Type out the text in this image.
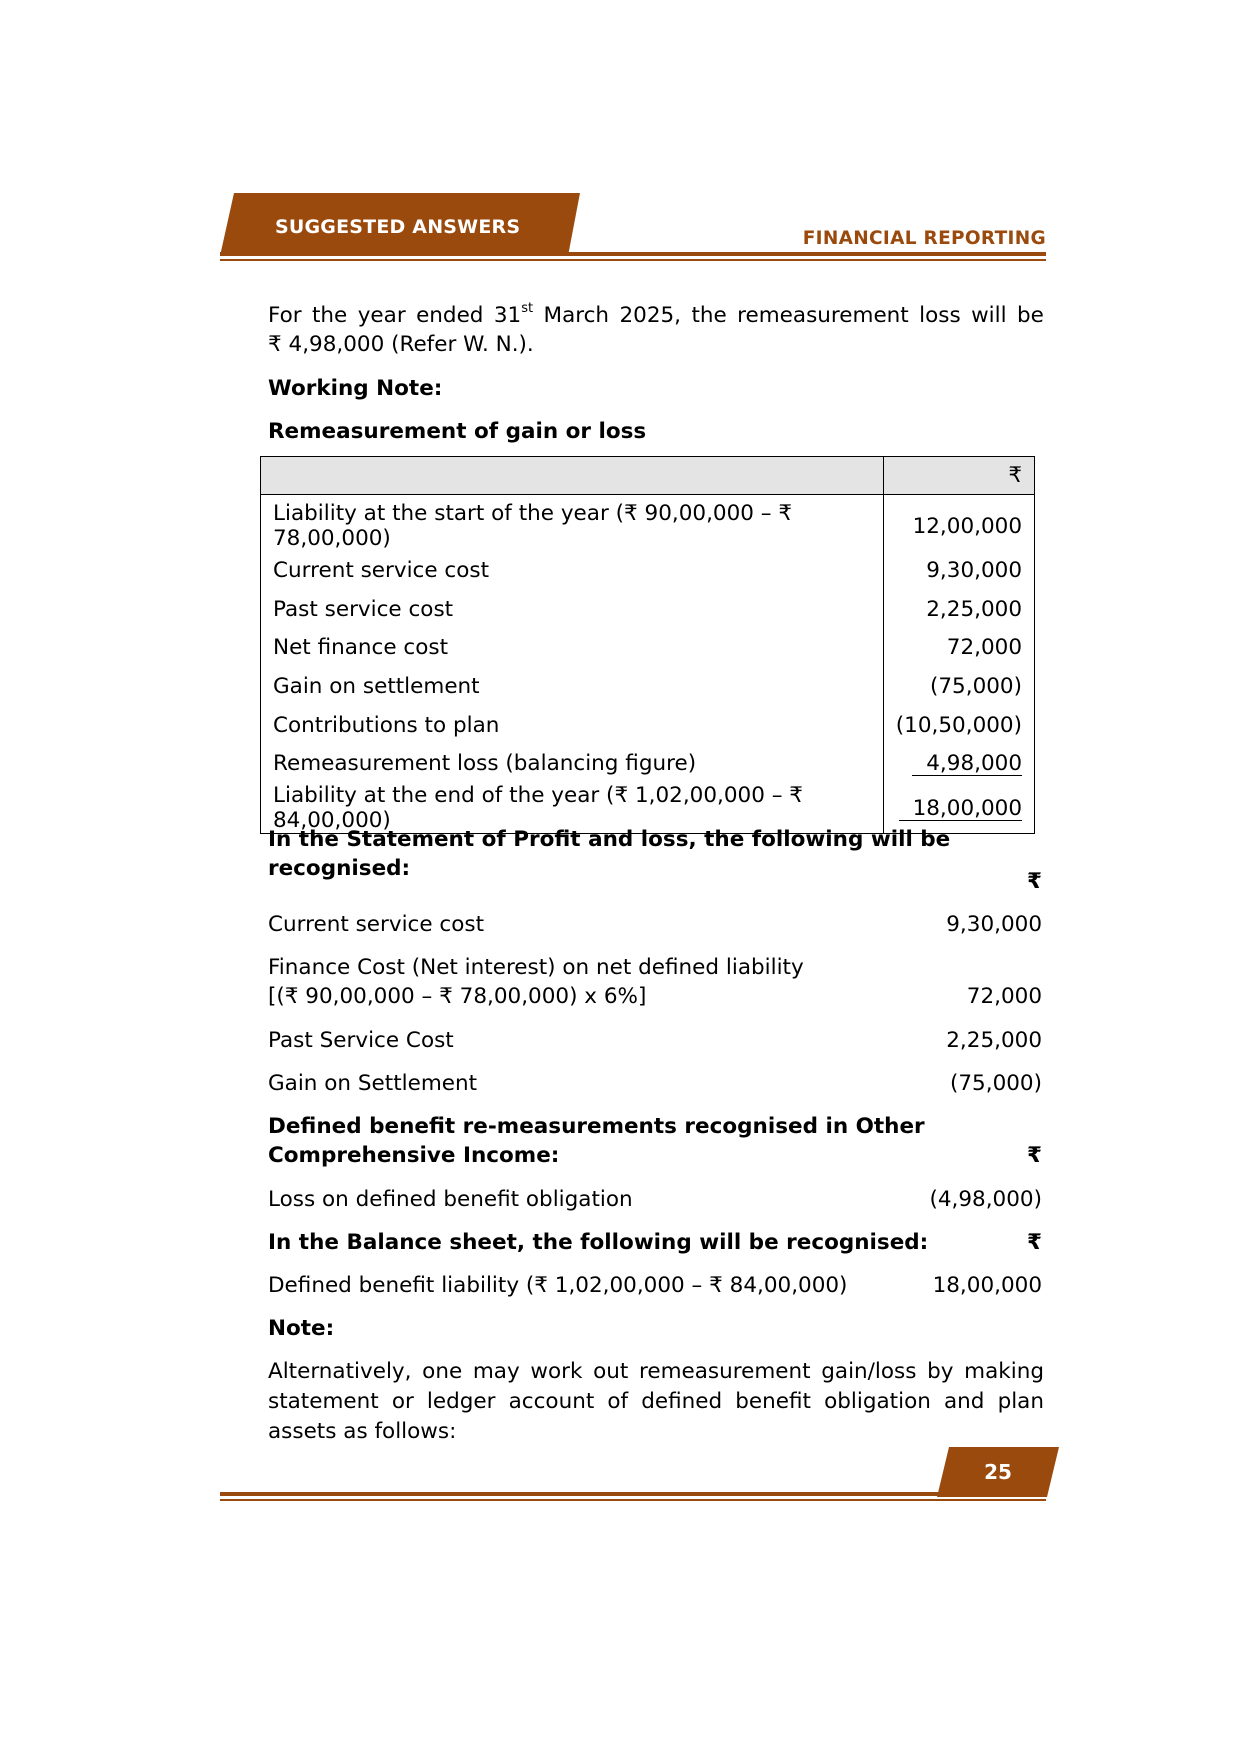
SUGGESTED ANSWERS
FINANCIAL REPORTING
For the year ended 31st March 2025, the remeasurement loss will be
₹ 4,98,000 (Refer W. N.).
Working Note:
Remeasurement of gain or loss
	₹
Liability at the start of the year (₹ 90,00,000 – ₹ 78,00,000)	12,00,000
Current service cost	9,30,000
Past service cost	2,25,000
Net finance cost	72,000
Gain on settlement	(75,000)
Contributions to plan	(10,50,000)
Remeasurement loss (balancing figure)	4,98,000
Liability at the end of the year (₹ 1,02,00,000 – ₹ 84,00,000)	18,00,000
In the Statement of Profit and loss, the following will be recognised:
₹
Current service cost	9,30,000
Finance Cost (Net interest) on net defined liability
[(₹ 90,00,000 – ₹ 78,00,000) x 6%]	72,000
Past Service Cost	2,25,000
Gain on Settlement	(75,000)
Defined benefit re-measurements recognised in Other
Comprehensive Income:	₹
Loss on defined benefit obligation	(4,98,000)
In the Balance sheet, the following will be recognised:	₹
Defined benefit liability (₹ 1,02,00,000 – ₹ 84,00,000)	18,00,000
Note:
Alternatively, one may work out remeasurement gain/loss by making statement or ledger account of defined benefit obligation and plan assets as follows:
25
